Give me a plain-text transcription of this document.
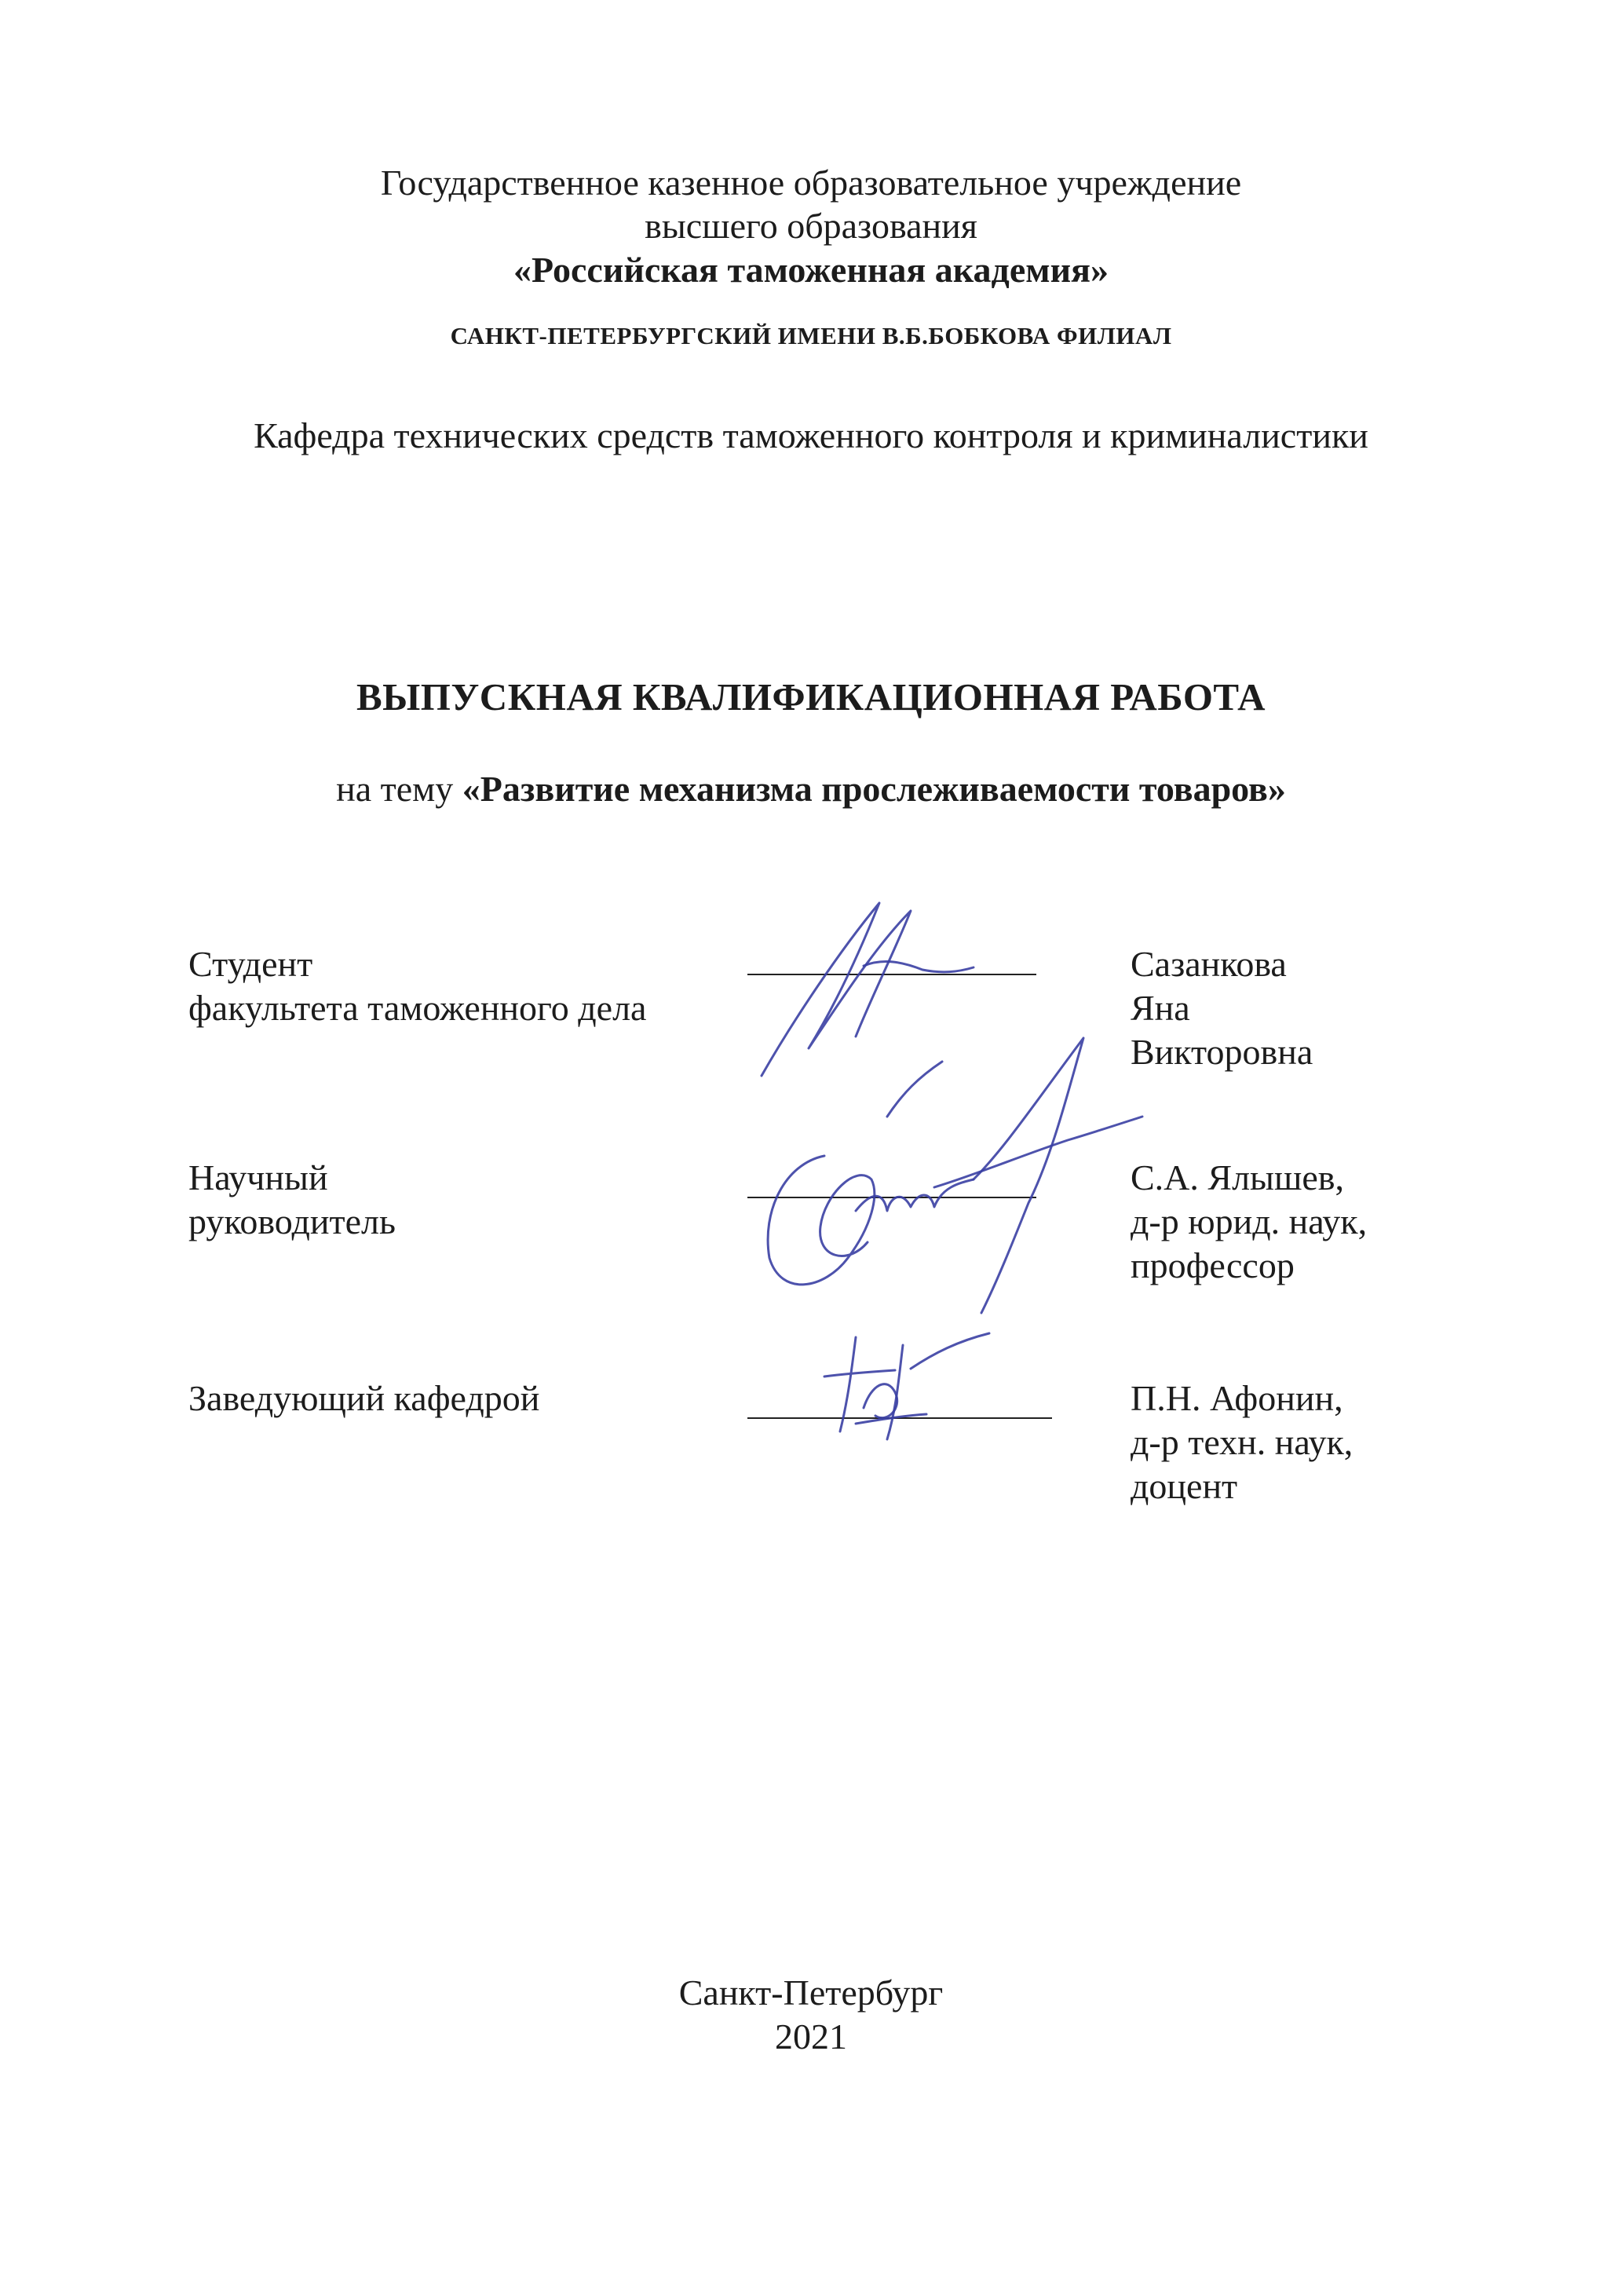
Государственное казенное образовательное учреждение
высшего образования
«Российская таможенная академия»
САНКТ-ПЕТЕРБУРГСКИЙ ИМЕНИ В.Б.БОБКОВА ФИЛИАЛ
Кафедра технических средств таможенного контроля и криминалистики
ВЫПУСКНАЯ КВАЛИФИКАЦИОННАЯ РАБОТА
на тему «Развитие механизма прослеживаемости товаров»
Студент
факультета таможенного дела
Сазанкова
Яна
Викторовна
Научный
руководитель
С.А. Ялышев,
д-р юрид. наук,
профессор
Заведующий кафедрой	П.Н. Афонин,
д-р техн. наук,
доцент
Санкт-Петербург
2021
